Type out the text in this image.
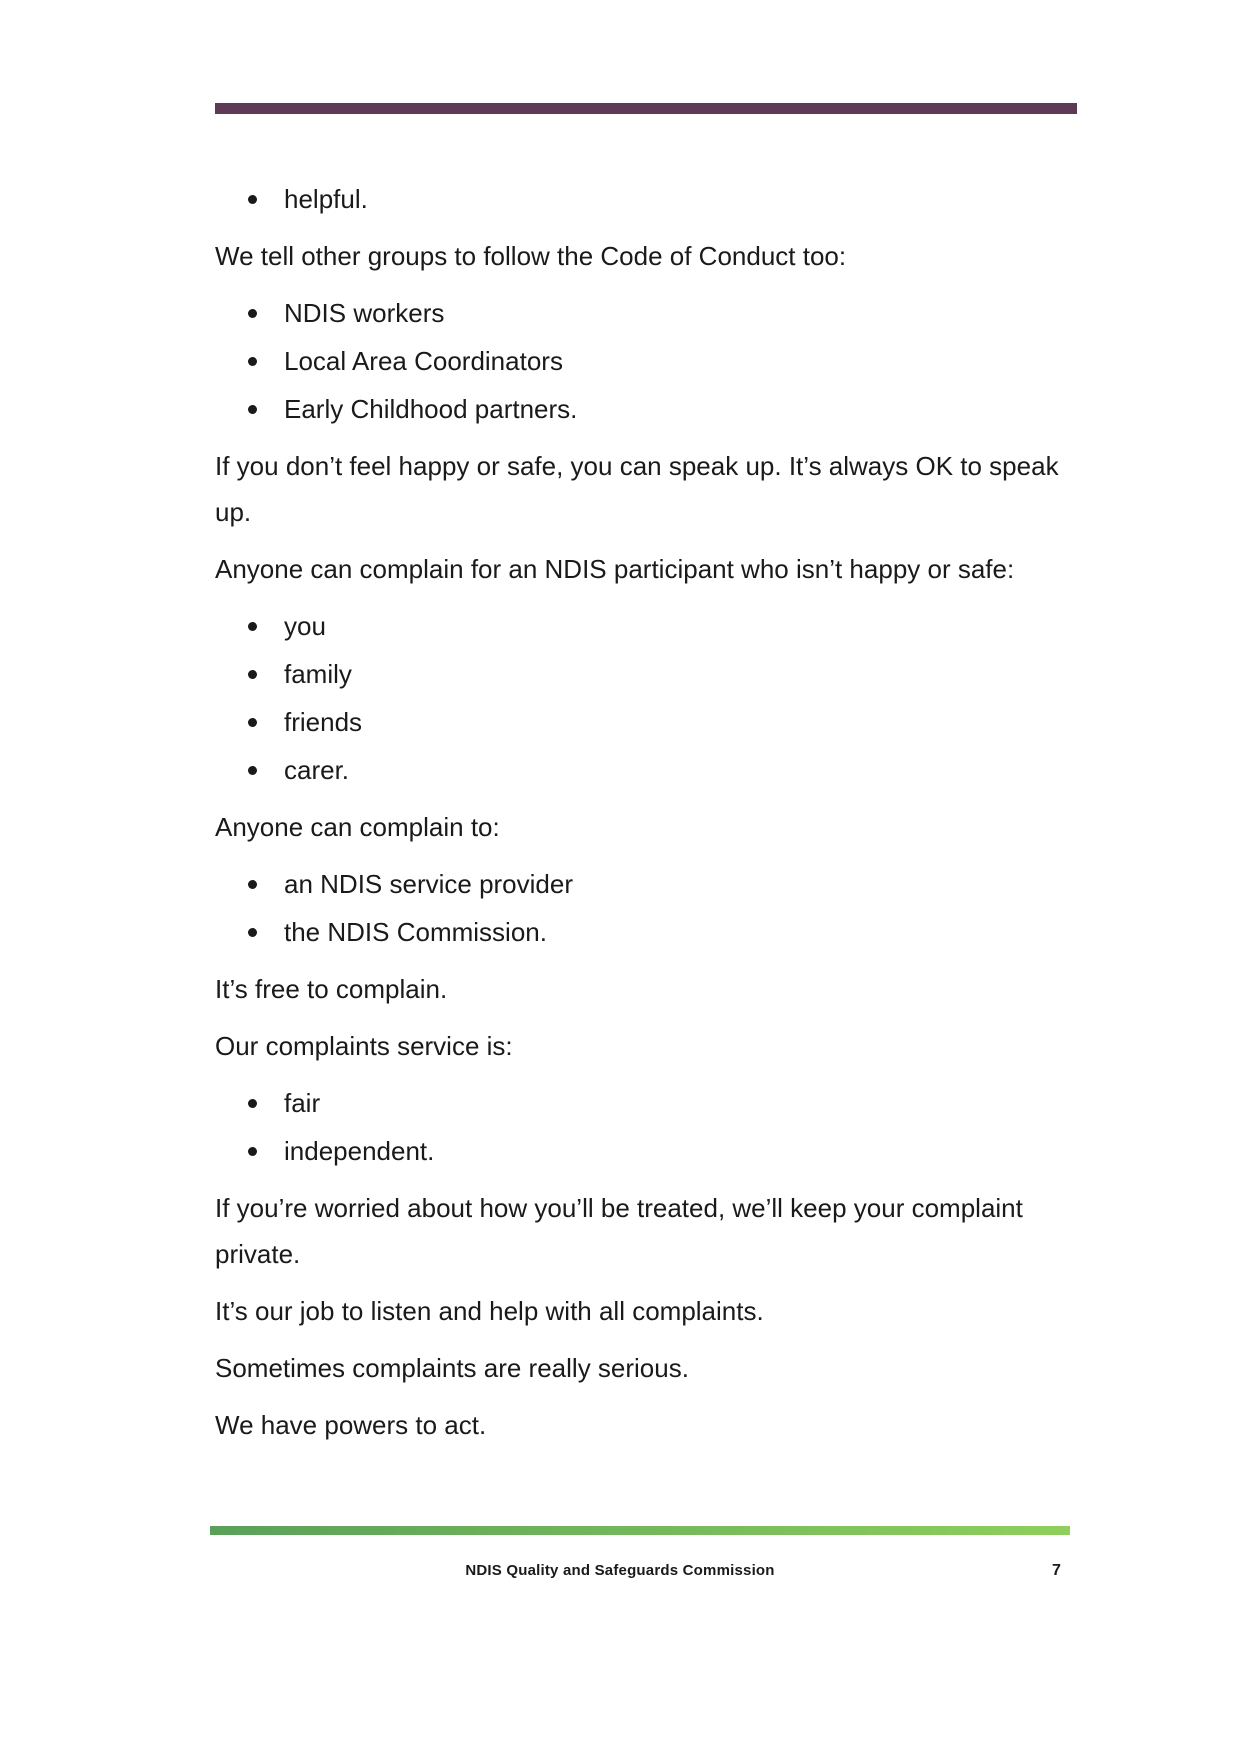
helpful.

We tell other groups to follow the Code of Conduct too:

NDIS workers
Local Area Coordinators
Early Childhood partners.

If you don’t feel happy or safe, you can speak up. It’s always OK to speak up.

Anyone can complain for an NDIS participant who isn’t happy or safe:

you
family
friends
carer.

Anyone can complain to:

an NDIS service provider
the NDIS Commission.

It’s free to complain.

Our complaints service is:

fair
independent.

If you’re worried about how you’ll be treated, we’ll keep your complaint private.

It’s our job to listen and help with all complaints.

Sometimes complaints are really serious.

We have powers to act.

NDIS Quality and Safeguards Commission	7
